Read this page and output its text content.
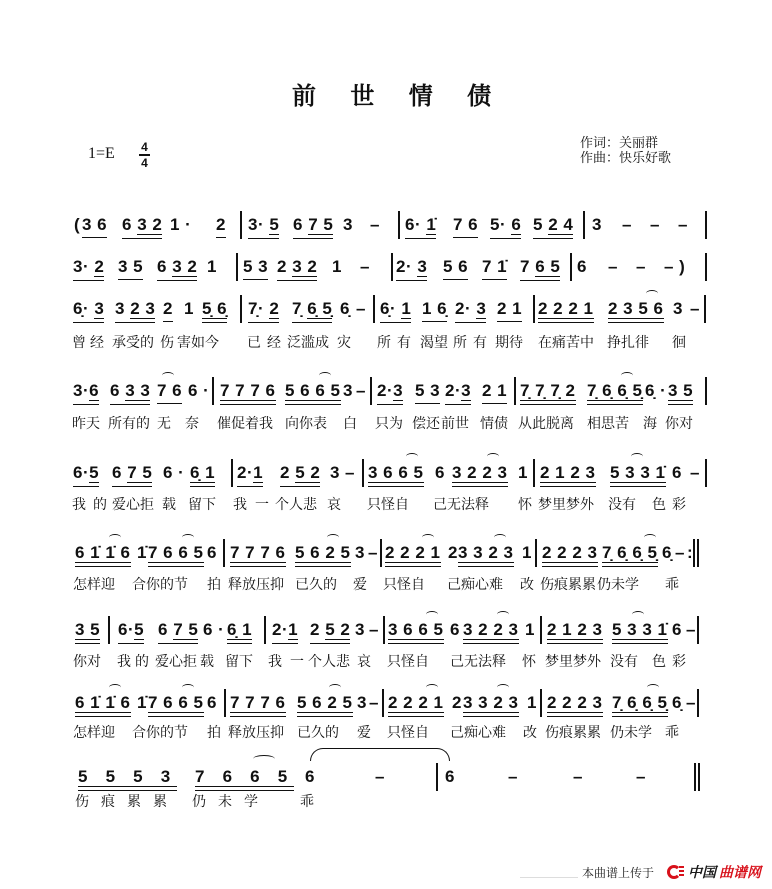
前 世 情 债
1=E 4
4
作词：关丽群
作曲：快乐好歌
( 3 6 6 3 2 1 · 2 3· 5 6 7 5 3 – 6· 1̇ 7 6 5· 6 5 2 4 3 – – –
3· 2 3 5 6 3 2 1 5 3 2 3 2 1 – 2· 3 5 6 7 1̇ 7 6 5 6 – – – )
6̣· 3 3 2 3 2 1 5̣ 6̣ 7̣· 2 7̣ 6̣ 5̣ 6̣ – 6̣· 1 1 6̣ 2· 3 2 1 2 2 2 1 2 3 5 6 3 –
曾 经 承受的 伤 害如今 已 经 泛滥成 灾 所 有 渴望 所 有 期待 在痛苦中 挣扎徘 徊
3·6 6 3 3 7 6 6 · 7 7 7 6 5 6 6 5 3 – 2·3 5 3 2·3 2 1 7̣ 7̣ 7̣ 2 7̣ 6̣ 6̣ 5̣ 6̣ · 3 5
昨天 所有的 无 奈 催促着我 向你表 白 只为 偿还 前世 情债 从此脱离 相思苦 海 你对
6·5 6 7 5 6 · 6̣ 1 2·1 2 5 2 3 – 3 6 6 5 6 3 2 2 3 1 2 1 2 3 5 3 3 1̇ 6 –
我 的 爱心拒 载 留下 我 一 个人悲 哀 只怪自 己无法释 怀 梦里梦外 没有 色 彩
6 1̇ 1̇ 6 1̇ 7 6 6 5 6 7 7 7 6 5 6 2 5 3 – 2 2 2 1 2 3 3 2 3 1 2 2 2 3 7̣ 6̣ 6̣ 5̣ 6̣ – :
怎样迎 合你的节 拍 释放压抑 已久的 爱 只怪自 己痴心难 改 伤痕累累 仍未学 乖
3 5 6·5 6 7 5 6 · 6̣ 1 2·1 2 5 2 3 – 3 6 6 5 6 3 2 2 3 1 2 1 2 3 5 3 3 1̇ 6 –
你对 我 的 爱心拒 载 留下 我 一 个人悲 哀 只怪自 己无法释 怀 梦里梦外 没有 色 彩
6 1̇ 1̇ 6 1̇ 7 6 6 5 6 7 7 7 6 5 6 2 5 3 – 2 2 2 1 2 3 3 2 3 1 2 2 2 3 7̣ 6̣ 6̣ 5̣ 6̣ –
怎样迎 合你的节 拍 释放压抑 已久的 爱 只怪自 己痴心难 改 伤痕累累 仍未学 乖
5 5 5 3 7 6 6 5 6	–	6	–	–	–
伤痕累累 仍未学 乖
本曲谱上传于 中国 曲谱网
